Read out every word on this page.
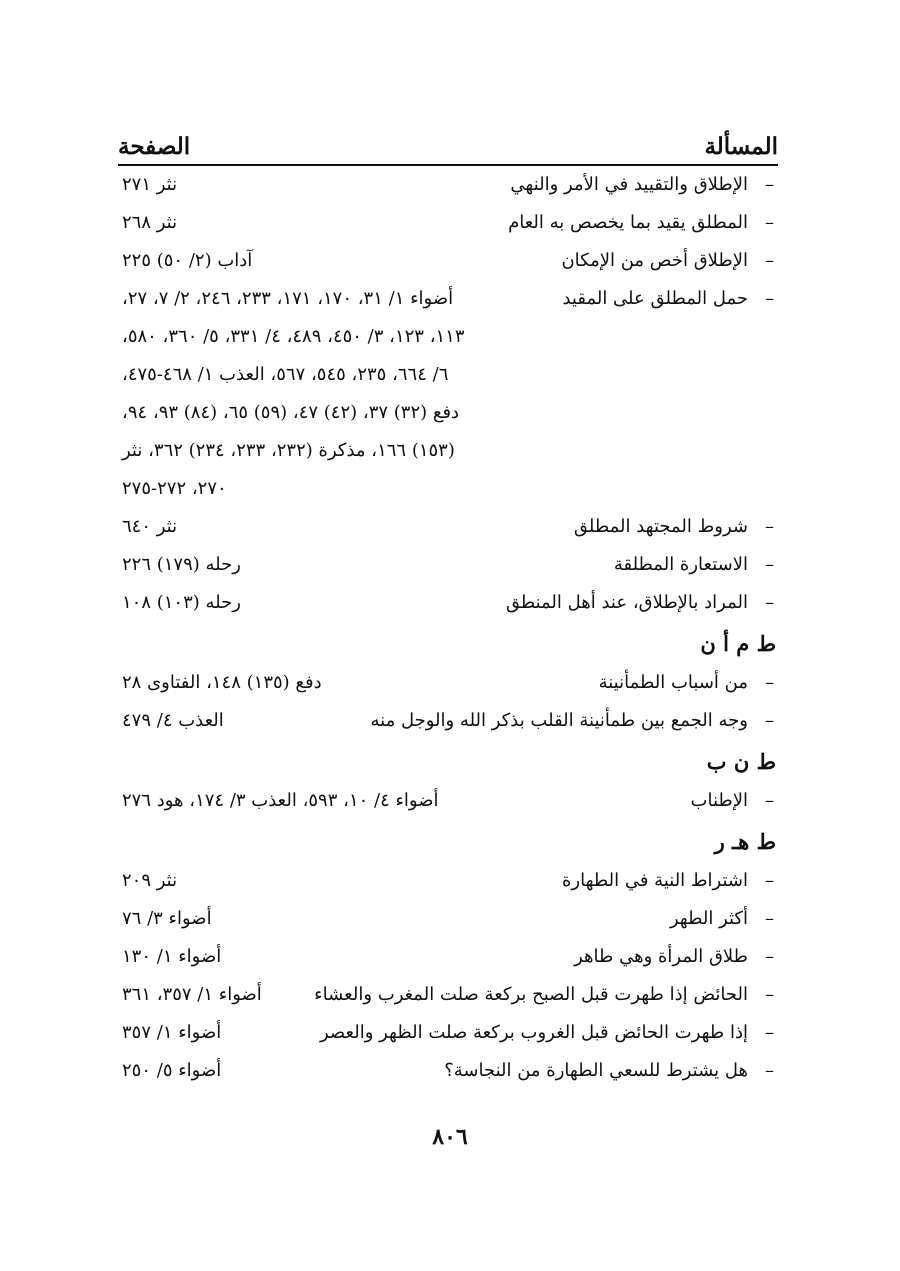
المسألة
الصفحة
–
الإطلاق والتقييد في الأمر والنهي
نثر ٢٧١
–
المطلق يقيد بما يخصص به العام
نثر ٢٦٨
–
الإطلاق أخص من الإمكان
آداب (٢/ ٥٠) ٢٢٥
–
حمل المطلق على المقيد
أضواء ١/ ٣١، ١٧٠، ١٧١، ٢٣٣، ٢٤٦، ٢/ ٧، ٢٧،
١١٣، ١٢٣، ٣/ ٤٥٠، ٤٨٩، ٤/ ٣٣١، ٥/ ٣٦٠، ٥٨٠،
٦/ ٦٦٤، ٢٣٥، ٥٤٥، ٥٦٧، العذب ١/ ٤٦٨-٤٧٥،
دفع (٣٢) ٣٧، (٤٢) ٤٧، (٥٩) ٦٥، (٨٤) ٩٣، ٩٤،
(١٥٣) ١٦٦، مذكرة (٢٣٢، ٢٣٣، ٢٣٤) ٣٦٢، نثر
٢٧٠، ٢٧٢-٢٧٥
–
شروط المجتهد المطلق
نثر ٦٤٠
–
الاستعارة المطلقة
رحله (١٧٩) ٢٢٦
–
المراد بالإطلاق، عند أهل المنطق
رحله (١٠٣) ١٠٨
ط م أ ن
–
من أسباب الطمأنينة
دفع (١٣٥) ١٤٨، الفتاوى ٢٨
–
وجه الجمع بين طمأنينة القلب بذكر الله والوجل منه
العذب ٤/ ٤٧٩
ط ن ب
–
الإطناب
أضواء ٤/ ١٠، ٥٩٣، العذب ٣/ ١٧٤، هود ٢٧٦
ط هـ ر
–
اشتراط النية في الطهارة
نثر ٢٠٩
–
أكثر الطهر
أضواء ٣/ ٧٦
–
طلاق المرأة وهي طاهر
أضواء ١/ ١٣٠
–
الحائض إذا طهرت قبل الصبح بركعة صلت المغرب والعشاء
أضواء ١/ ٣٥٧، ٣٦١
–
إذا طهرت الحائض قبل الغروب بركعة صلت الظهر والعصر
أضواء ١/ ٣٥٧
–
هل يشترط للسعي الطهارة من النجاسة؟
أضواء ٥/ ٢٥٠
٨٠٦
